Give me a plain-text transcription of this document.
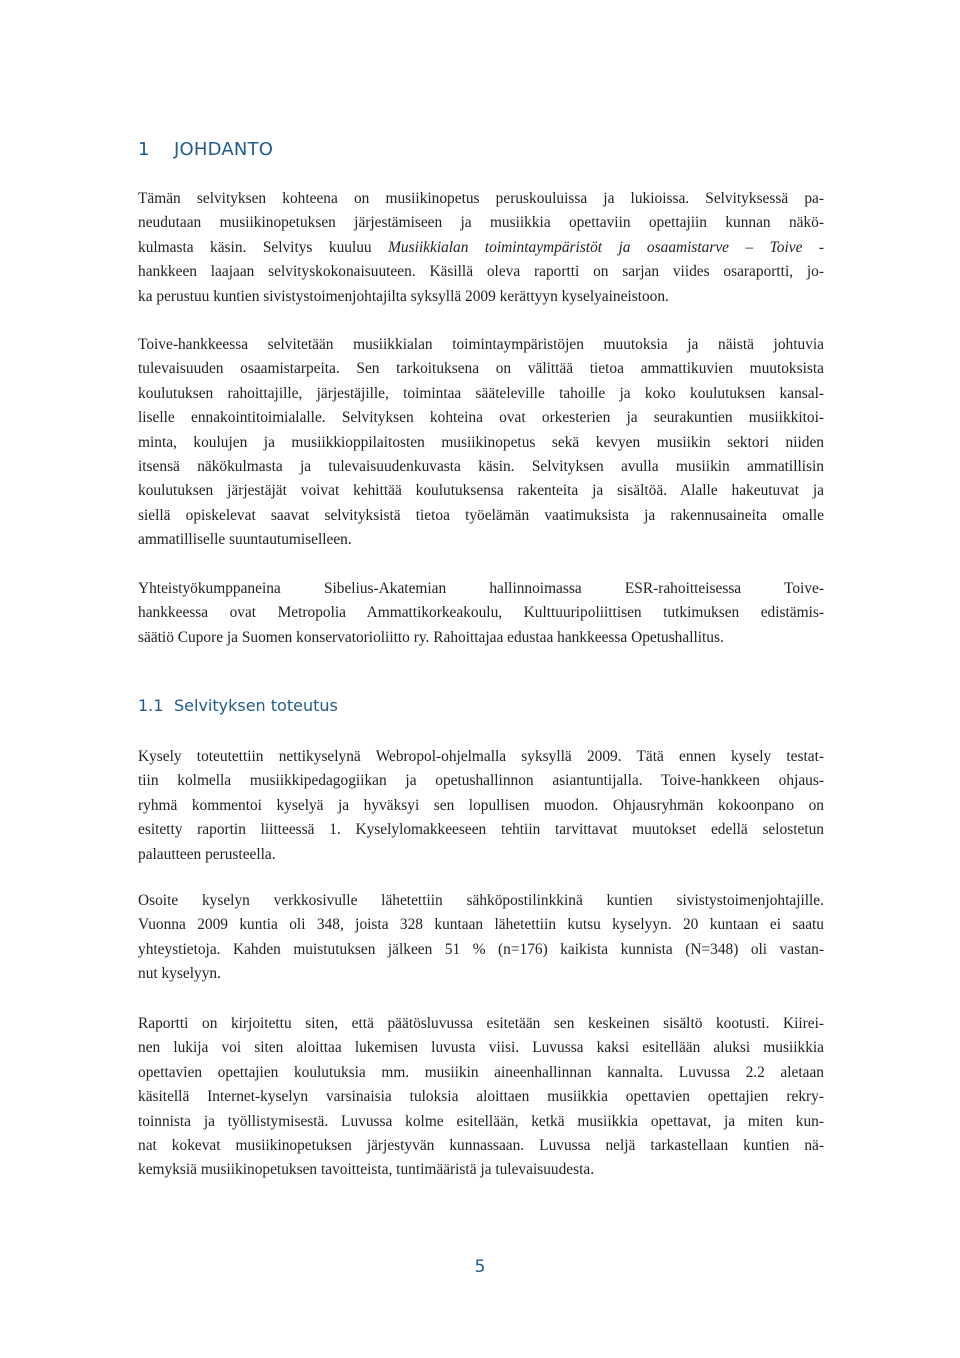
1 JOHDANTO

Tämän selvityksen kohteena on musiikinopetus peruskouluissa ja lukioissa. Selvityksessä pa-
neudutaan musiikinopetuksen järjestämiseen ja musiikkia opettaviin opettajiin kunnan näkö-
kulmasta käsin. Selvitys kuuluu Musiikkialan toimintaympäristöt ja osaamistarve – Toive -
hankkeen laajaan selvityskokonaisuuteen. Käsillä oleva raportti on sarjan viides osaraportti, jo-
ka perustuu kuntien sivistystoimenjohtajilta syksyllä 2009 kerättyyn kyselyaineistoon.

Toive-hankkeessa selvitetään musiikkialan toimintaympäristöjen muutoksia ja näistä johtuvia
tulevaisuuden osaamistarpeita. Sen tarkoituksena on välittää tietoa ammattikuvien muutoksista
koulutuksen rahoittajille, järjestäjille, toimintaa sääteleville tahoille ja koko koulutuksen kansal-
liselle ennakointitoimialalle. Selvityksen kohteina ovat orkesterien ja seurakuntien musiikkitoi-
minta, koulujen ja musiikkioppilaitosten musiikinopetus sekä kevyen musiikin sektori niiden
itsensä näkökulmasta ja tulevaisuudenkuvasta käsin. Selvityksen avulla musiikin ammatillisin
koulutuksen järjestäjät voivat kehittää koulutuksensa rakenteita ja sisältöä. Alalle hakeutuvat ja
siellä opiskelevat saavat selvityksistä tietoa työelämän vaatimuksista ja rakennusaineita omalle
ammatilliselle suuntautumiselleen.

Yhteistyökumppaneina Sibelius-Akatemian hallinnoimassa ESR-rahoitteisessa Toive-
hankkeessa ovat Metropolia Ammattikorkeakoulu, Kulttuuripoliittisen tutkimuksen edistämis-
säätiö Cupore ja Suomen konservatorioliitto ry. Rahoittajaa edustaa hankkeessa Opetushallitus.

1.1 Selvityksen toteutus

Kysely toteutettiin nettikyselynä Webropol-ohjelmalla syksyllä 2009. Tätä ennen kysely testat-
tiin kolmella musiikkipedagogiikan ja opetushallinnon asiantuntijalla. Toive-hankkeen ohjaus-
ryhmä kommentoi kyselyä ja hyväksyi sen lopullisen muodon. Ohjausryhmän kokoonpano on
esitetty raportin liitteessä 1. Kyselylomakkeeseen tehtiin tarvittavat muutokset edellä selostetun
palautteen perusteella.

Osoite kyselyn verkkosivulle lähetettiin sähköpostilinkkinä kuntien sivistystoimenjohtajille.
Vuonna 2009 kuntia oli 348, joista 328 kuntaan lähetettiin kutsu kyselyyn. 20 kuntaan ei saatu
yhteystietoja. Kahden muistutuksen jälkeen 51 % (n=176) kaikista kunnista (N=348) oli vastan-
nut kyselyyn.

Raportti on kirjoitettu siten, että päätösluvussa esitetään sen keskeinen sisältö kootusti. Kiirei-
nen lukija voi siten aloittaa lukemisen luvusta viisi. Luvussa kaksi esitellään aluksi musiikkia
opettavien opettajien koulutuksia mm. musiikin aineenhallinnan kannalta. Luvussa 2.2 aletaan
käsitellä Internet-kyselyn varsinaisia tuloksia aloittaen musiikkia opettavien opettajien rekry-
toinnista ja työllistymisestä. Luvussa kolme esitellään, ketkä musiikkia opettavat, ja miten kun-
nat kokevat musiikinopetuksen järjestyvän kunnassaan. Luvussa neljä tarkastellaan kuntien nä-
kemyksiä musiikinopetuksen tavoitteista, tuntimääristä ja tulevaisuudesta.

5
